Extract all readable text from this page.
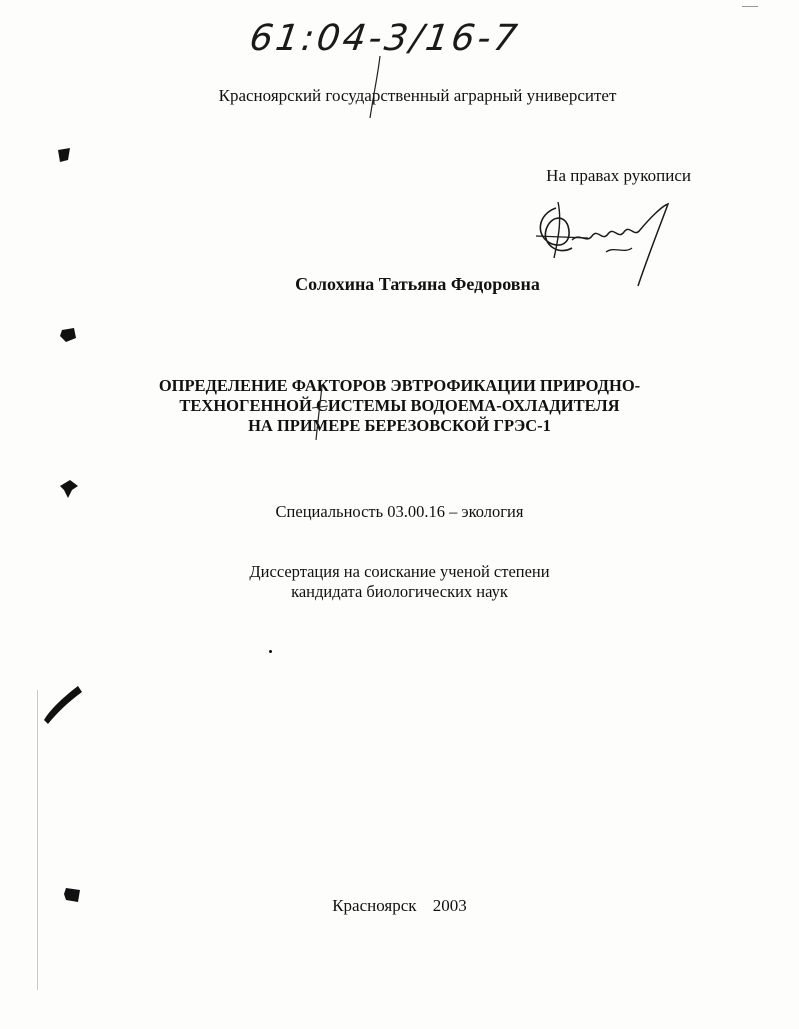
61:04-3/16-7
Красноярский государственный аграрный университет
На правах рукописи
Солохина Татьяна Федоровна
ОПРЕДЕЛЕНИЕ ФАКТОРОВ ЭВТРОФИКАЦИИ ПРИРОДНО-
ТЕХНОГЕННОЙ СИСТЕМЫ ВОДОЕМА-ОХЛАДИТЕЛЯ
НА ПРИМЕРЕ БЕРЕЗОВСКОЙ ГРЭС-1
Специальность 03.00.16 – экология
Диссертация на соискание ученой степени
кандидата биологических наук
Красноярск 2003
